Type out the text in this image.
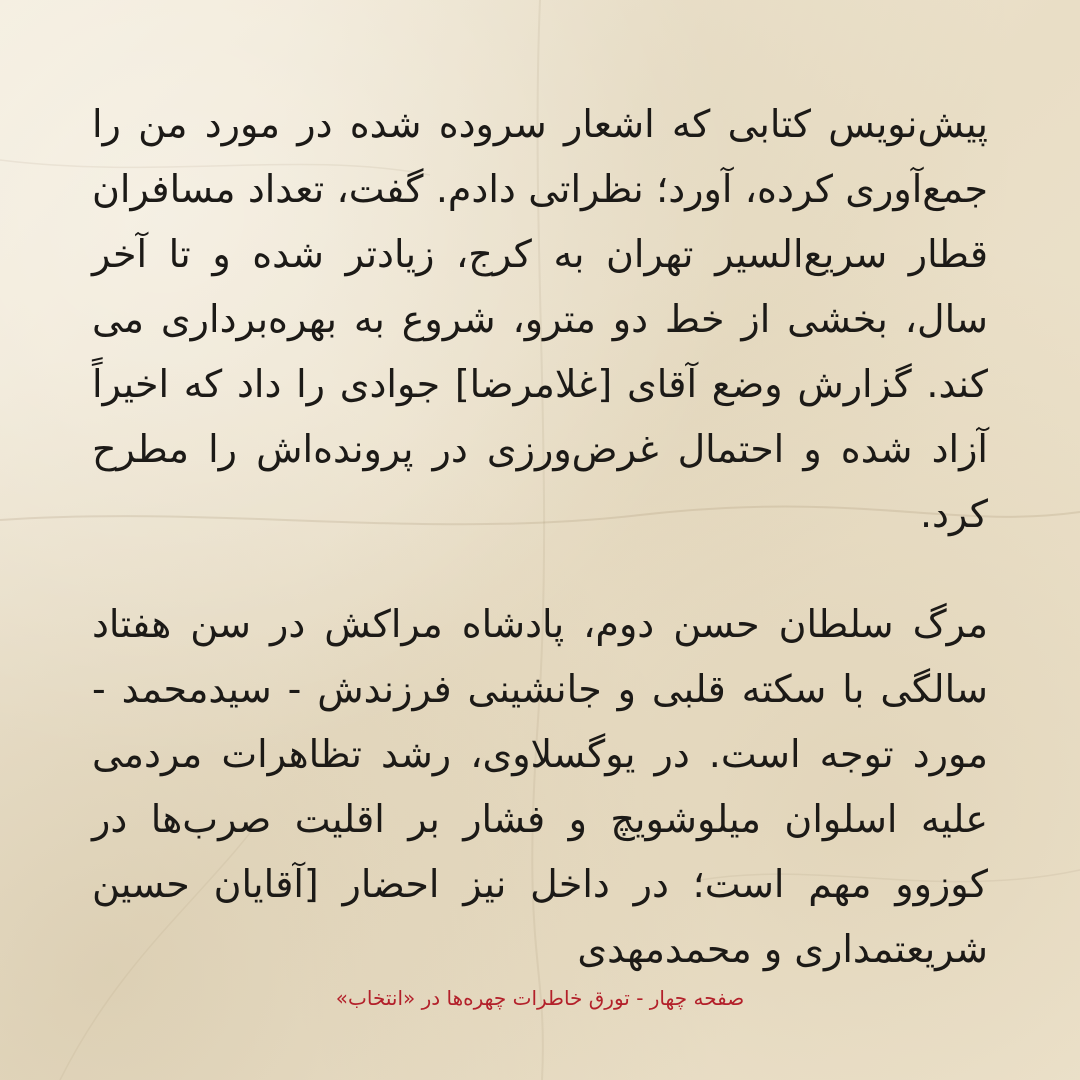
پیش‌نویس کتابی که اشعار سروده شده در مورد من را جمع‌آوری کرده، آورد؛ نظراتی دادم. گفت، تعداد مسافران قطار سریع‌السیر تهران به کرج، زیادتر شده و تا آخر سال، بخشی از خط دو مترو، شروع به بهره‌برداری می کند. گزارش وضع آقای [غلامرضا] جوادی را داد که اخیراً آزاد شده و احتمال غرض‌ورزی در پرونده‌اش را مطرح کرد.

مرگ سلطان حسن دوم، پادشاه مراکش در سن هفتاد سالگی با سکته قلبی و جانشینی فرزندش - سیدمحمد - مورد توجه است. در یوگسلاوی، رشد تظاهرات مردمی علیه اسلوان میلوشویچ و فشار بر اقلیت صرب‌ها در کوزوو مهم است؛ در داخل نیز احضار [آقایان حسین شریعتمداری و محمدمهدی

صفحه چهار - تورق خاطرات چهره‌ها در «انتخاب»
